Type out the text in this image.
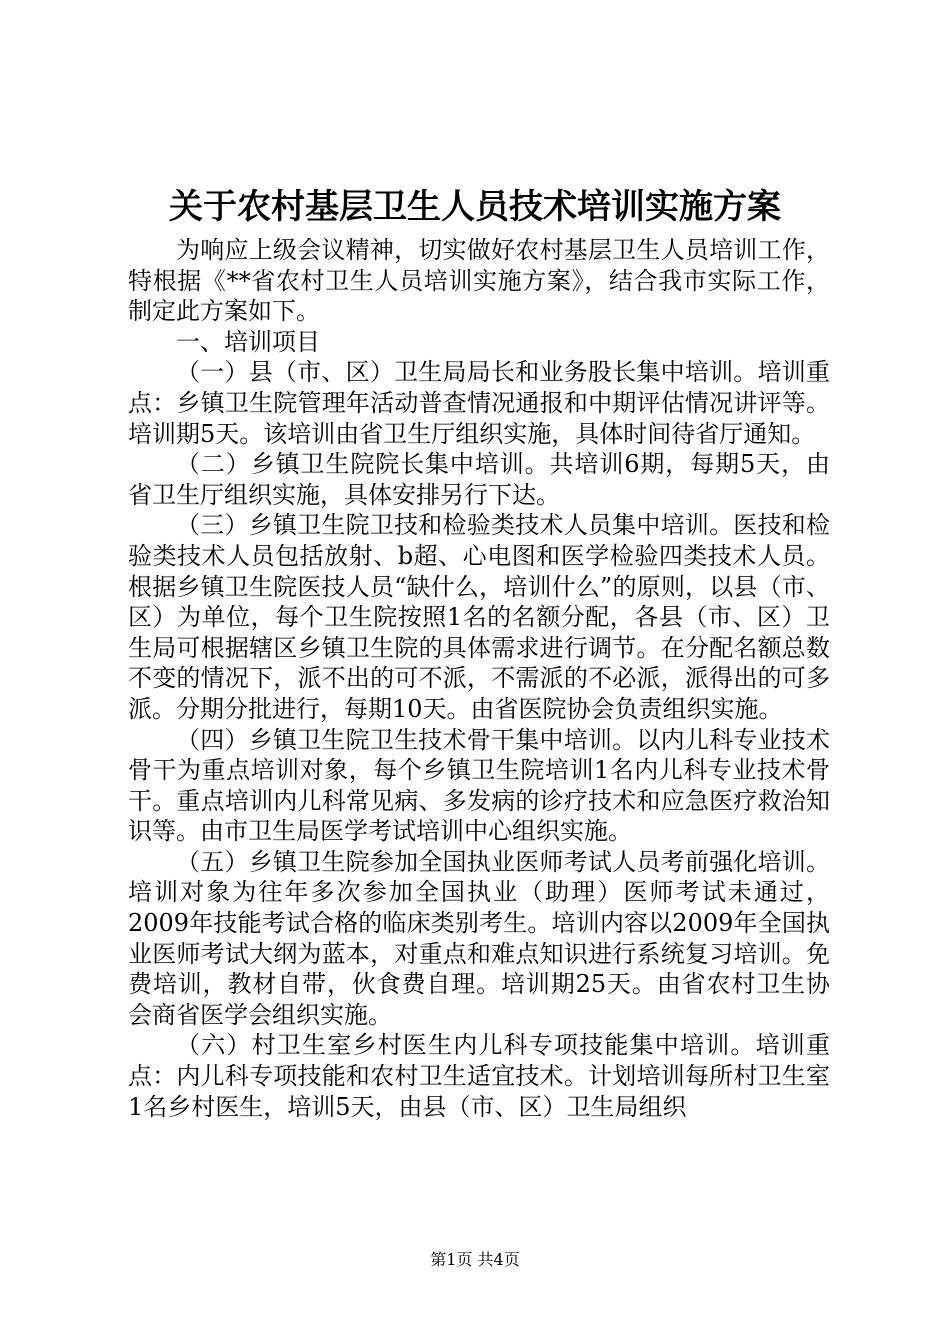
关于农村基层卫生人员技术培训实施方案

为响应上级会议精神，切实做好农村基层卫生人员培训工作，特根据《**省农村卫生人员培训实施方案》，结合我市实际工作，制定此方案如下。

一、培训项目

（一）县（市、区）卫生局局长和业务股长集中培训。培训重点：乡镇卫生院管理年活动普查情况通报和中期评估情况讲评等。培训期5天。该培训由省卫生厅组织实施，具体时间待省厅通知。

（二）乡镇卫生院院长集中培训。共培训6期，每期5天，由省卫生厅组织实施，具体安排另行下达。

（三）乡镇卫生院卫技和检验类技术人员集中培训。医技和检验类技术人员包括放射、b超、心电图和医学检验四类技术人员。根据乡镇卫生院医技人员“缺什么，培训什么”的原则，以县（市、区）为单位，每个卫生院按照1名的名额分配，各县（市、区）卫生局可根据辖区乡镇卫生院的具体需求进行调节。在分配名额总数不变的情况下，派不出的可不派，不需派的不必派，派得出的可多派。分期分批进行，每期10天。由省医院协会负责组织实施。

（四）乡镇卫生院卫生技术骨干集中培训。以内儿科专业技术骨干为重点培训对象，每个乡镇卫生院培训1名内儿科专业技术骨干。重点培训内儿科常见病、多发病的诊疗技术和应急医疗救治知识等。由市卫生局医学考试培训中心组织实施。

（五）乡镇卫生院参加全国执业医师考试人员考前强化培训。培训对象为往年多次参加全国执业（助理）医师考试未通过，2009年技能考试合格的临床类别考生。培训内容以2009年全国执业医师考试大纲为蓝本，对重点和难点知识进行系统复习培训。免费培训，教材自带，伙食费自理。培训期25天。由省农村卫生协会商省医学会组织实施。

（六）村卫生室乡村医生内儿科专项技能集中培训。培训重点：内儿科专项技能和农村卫生适宜技术。计划培训每所村卫生室1名乡村医生，培训5天，由县（市、区）卫生局组织

第1页 共4页
